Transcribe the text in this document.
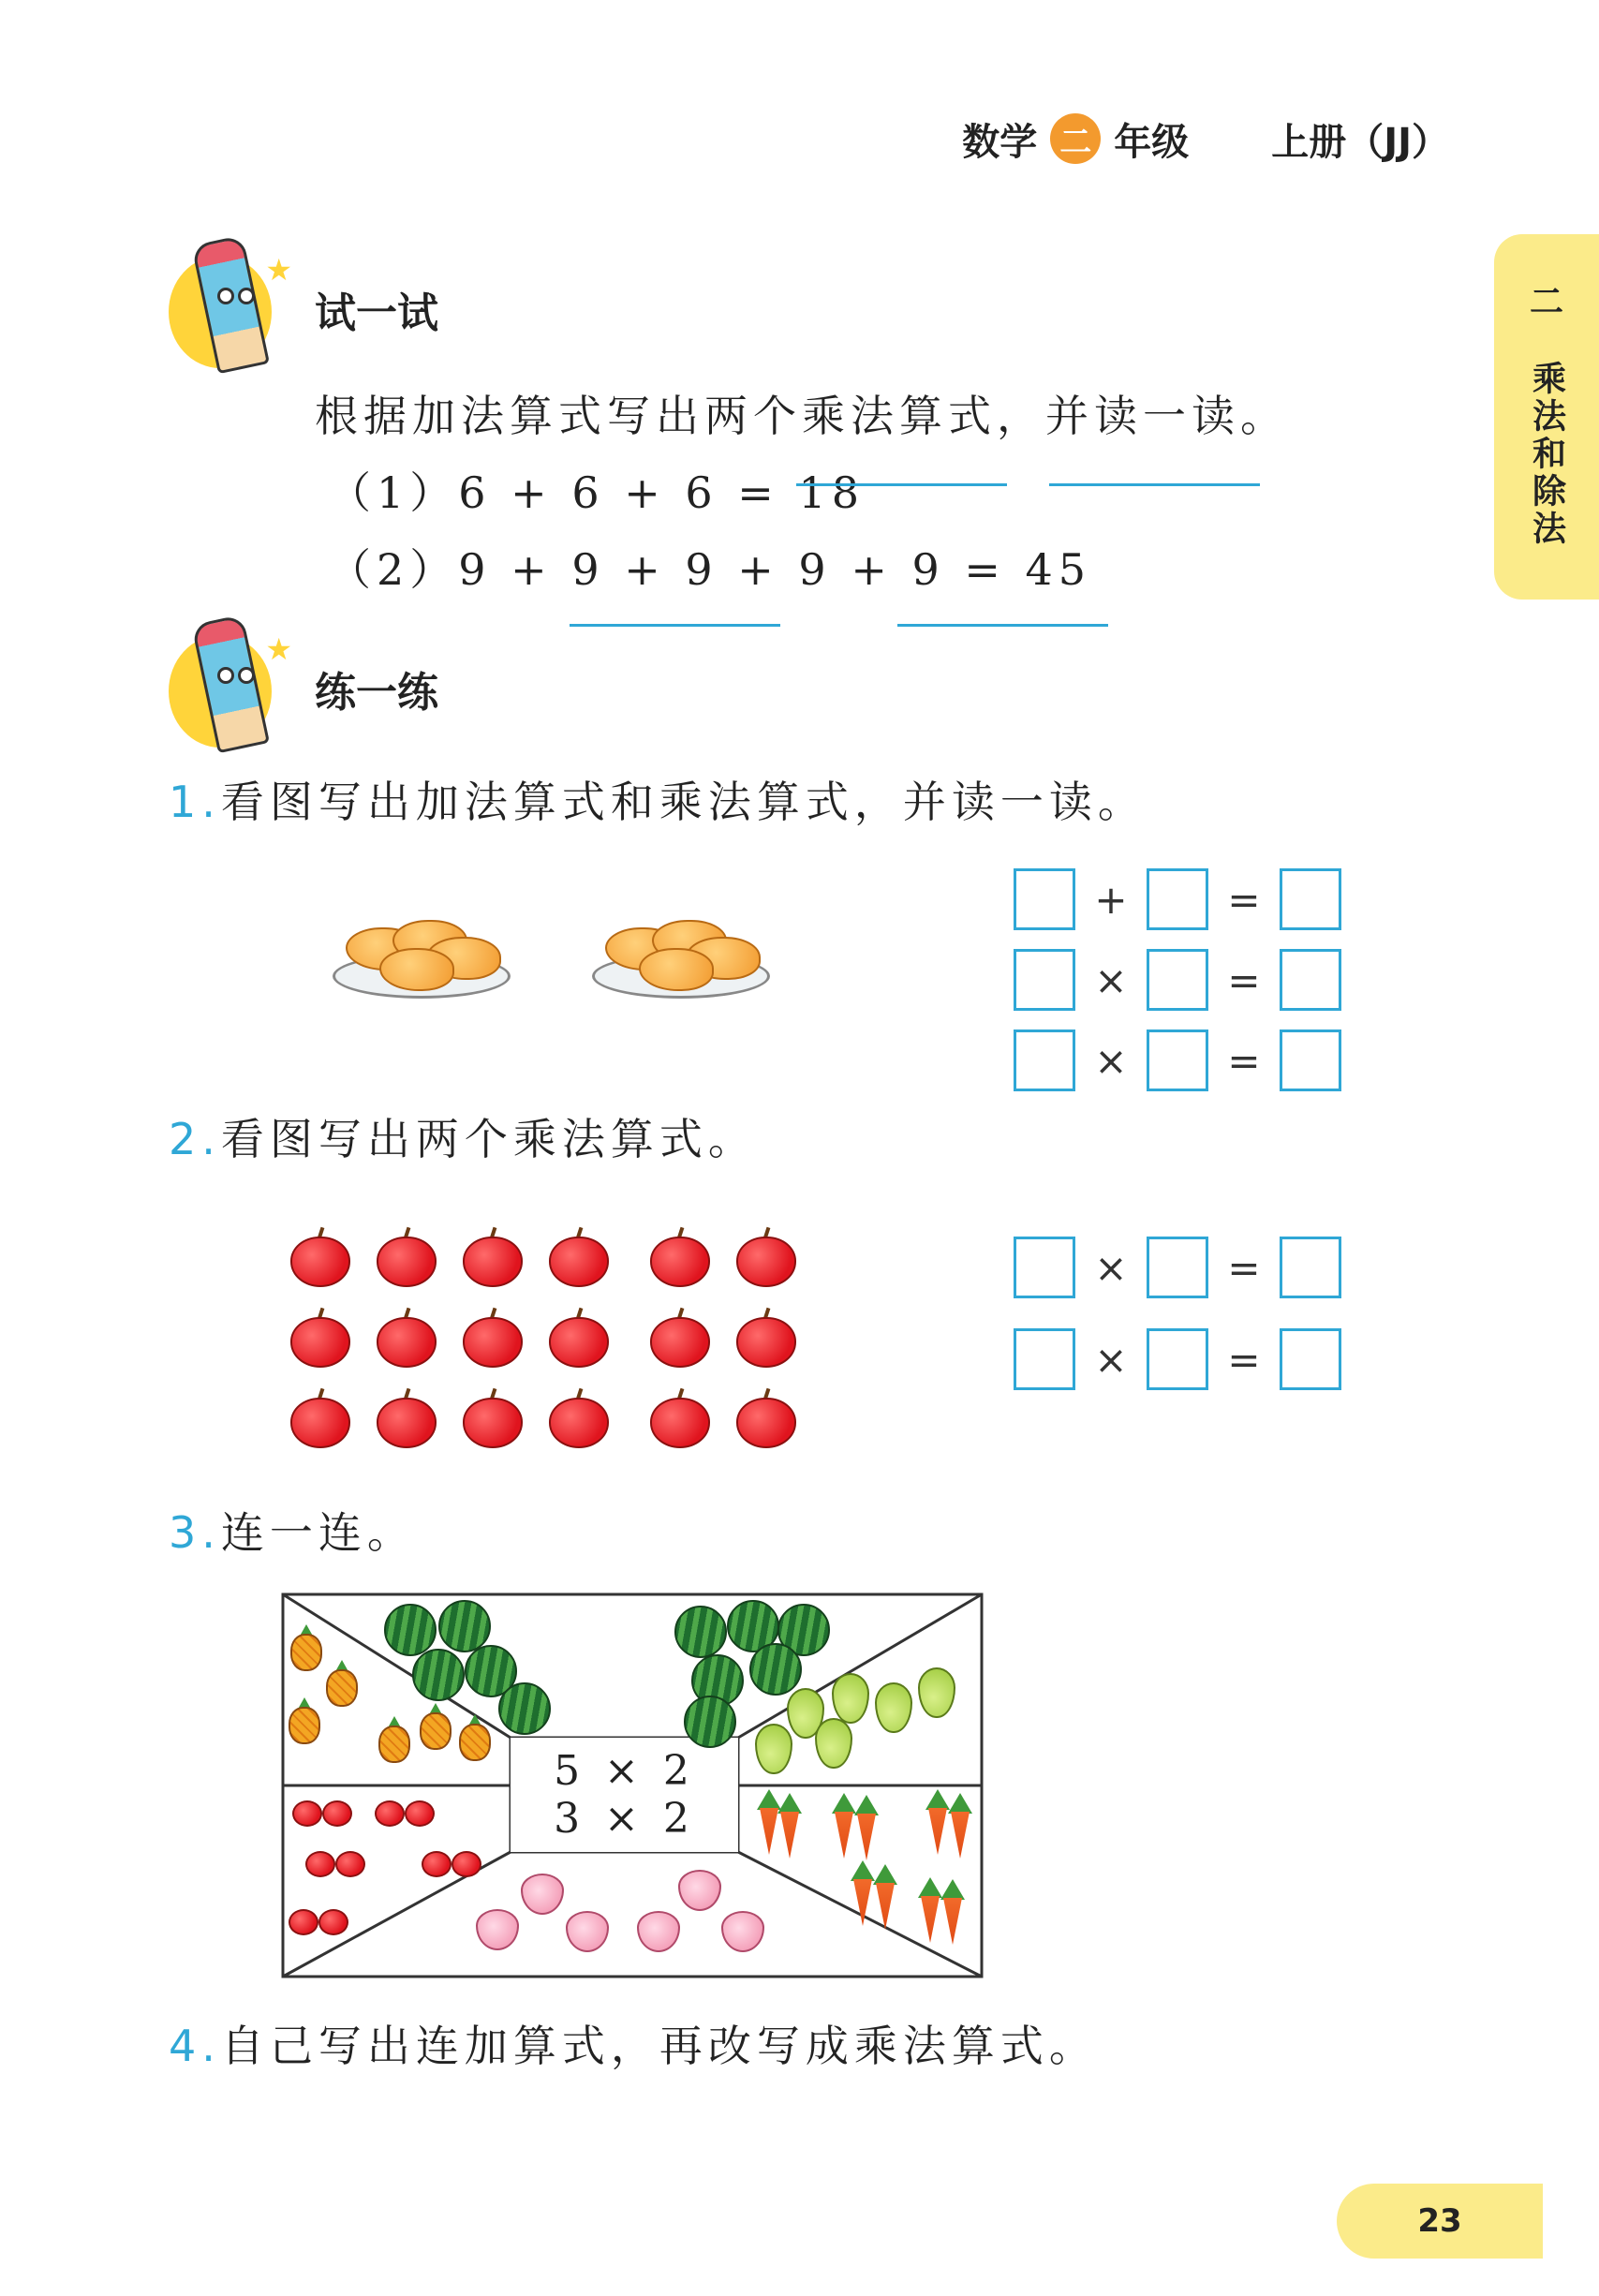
数学 二 年级 上册（JJ）
二
乘法和除法
★
试一试
根据加法算式写出两个乘法算式，并读一读。
（1）6 + 6 + 6 = 18
（2）9 + 9 + 9 + 9 + 9 = 45
★
练一练
1.看图写出加法算式和乘法算式，并读一读。
+	=
×	=
×	=
2.看图写出两个乘法算式。
×	=
×	=
3.连一连。
5 × 2
3 × 2
4.自己写出连加算式，再改写成乘法算式。
23
